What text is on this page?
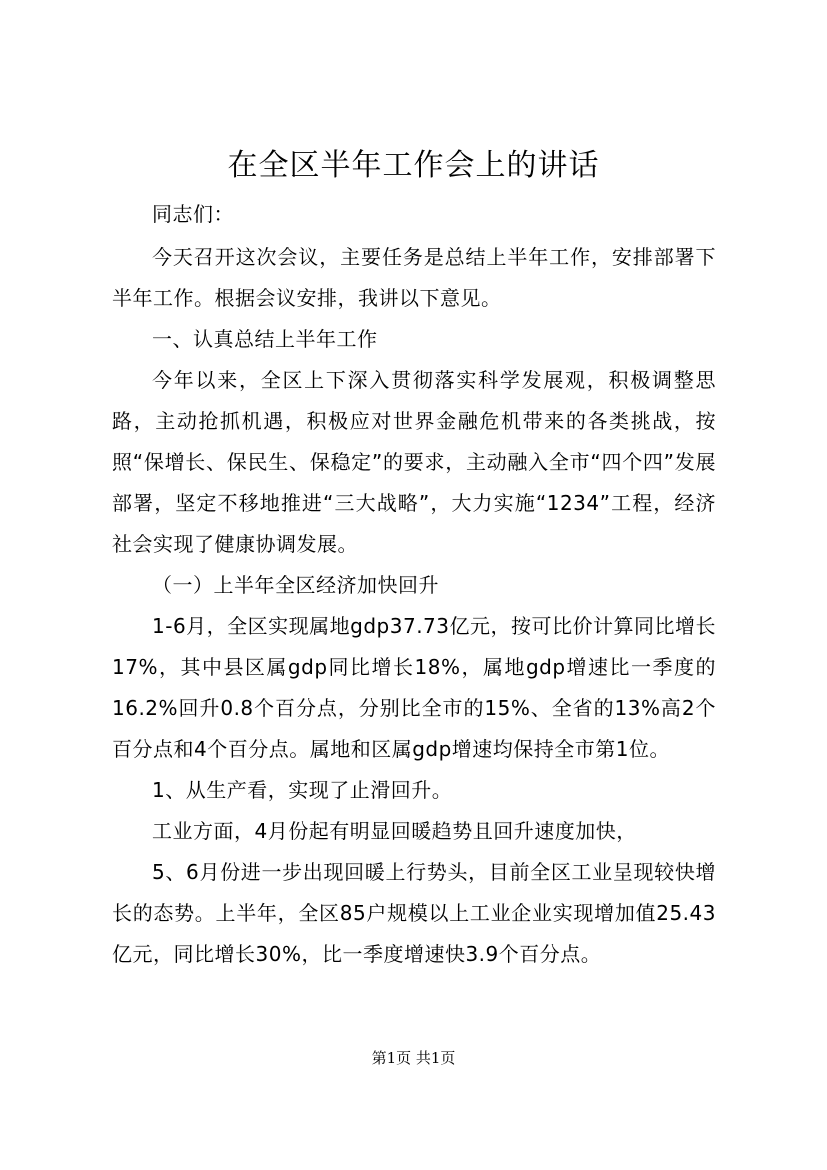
在全区半年工作会上的讲话

同志们：

今天召开这次会议，主要任务是总结上半年工作，安排部署下半年工作。根据会议安排，我讲以下意见。

一、认真总结上半年工作

今年以来，全区上下深入贯彻落实科学发展观，积极调整思路，主动抢抓机遇，积极应对世界金融危机带来的各类挑战，按照“保增长、保民生、保稳定”的要求，主动融入全市“四个四”发展部署，坚定不移地推进“三大战略”，大力实施“1234”工程，经济社会实现了健康协调发展。

（一）上半年全区经济加快回升

1-6月，全区实现属地gdp37.73亿元，按可比价计算同比增长17%，其中县区属gdp同比增长18%，属地gdp增速比一季度的16.2%回升0.8个百分点，分别比全市的15%、全省的13%高2个百分点和4个百分点。属地和区属gdp增速均保持全市第1位。

1、从生产看，实现了止滑回升。

工业方面，4月份起有明显回暖趋势且回升速度加快，

5、6月份进一步出现回暖上行势头，目前全区工业呈现较快增长的态势。上半年，全区85户规模以上工业企业实现增加值25.43亿元，同比增长30%，比一季度增速快3.9个百分点。

第1页 共1页
